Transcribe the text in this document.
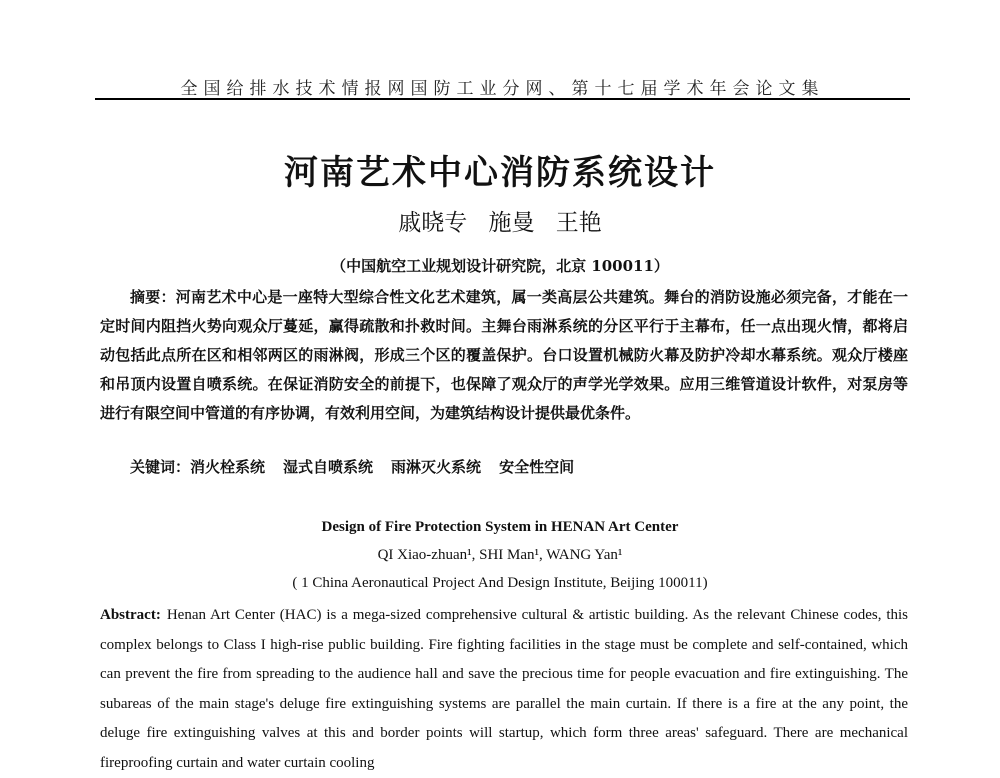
全国给排水技术情报网国防工业分网、第十七届学术年会论文集
河南艺术中心消防系统设计
戚晓专 施曼 王艳
（中国航空工业规划设计研究院，北京 100011）

摘要：河南艺术中心是一座特大型综合性文化艺术建筑，属一类高层公共建筑。舞台的消防设施必须完备，才能在一定时间内阻挡火势向观众厅蔓延，赢得疏散和扑救时间。主舞台雨淋系统的分区平行于主幕布，任一点出现火情，都将启动包括此点所在区和相邻两区的雨淋阀，形成三个区的覆盖保护。台口设置机械防火幕及防护冷却水幕系统。观众厅楼座和吊顶内设置自喷系统。在保证消防安全的前提下，也保障了观众厅的声学光学效果。应用三维管道设计软件，对泵房等进行有限空间中管道的有序协调，有效利用空间，为建筑结构设计提供最优条件。

关键词：消火栓系统 湿式自喷系统 雨淋灭火系统 安全性空间
Design of Fire Protection System in HENAN Art Center
QI Xiao-zhuan¹, SHI Man¹, WANG Yan¹
( 1 China Aeronautical Project And Design Institute, Beijing 100011)

Abstract: Henan Art Center (HAC) is a mega-sized comprehensive cultural & artistic building. As the relevant Chinese codes, this complex belongs to Class I high-rise public building. Fire fighting facilities in the stage must be complete and self-contained, which can prevent the fire from spreading to the audience hall and save the precious time for people evacuation and fire extinguishing. The subareas of the main stage's deluge fire extinguishing systems are parallel the main curtain. If there is a fire at the any point, the deluge fire extinguishing valves at this and border points will startup, which form three areas' safeguard. There are mechanical fireproofing curtain and water curtain cooling
